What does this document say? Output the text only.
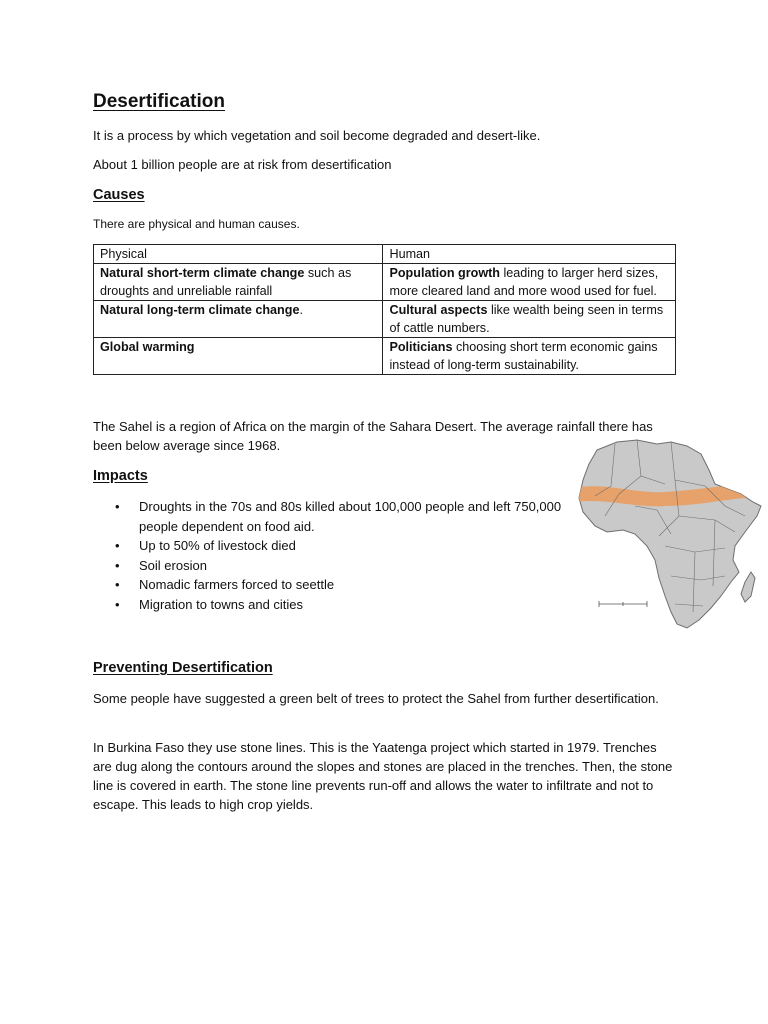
Desertification

It is a process by which vegetation and soil become degraded and desert-like.

About 1 billion people are at risk from desertification

Causes

There are physical and human causes.

Physical	Human
Natural short-term climate change such as droughts and unreliable rainfall	Population growth leading to larger herd sizes, more cleared land and more wood used for fuel.
Natural long-term climate change.	Cultural aspects like wealth being seen in terms of cattle numbers.
Global warming	Politicians choosing short term economic gains instead of long-term sustainability.

The Sahel is a region of Africa on the margin of the Sahara Desert. The average rainfall there has been below average since 1968.

Impacts
• Droughts in the 70s and 80s killed about 100,000 people and left 750,000 people dependent on food aid.
• Up to 50% of livestock died
• Soil erosion
• Nomadic farmers forced to seettle
• Migration to towns and cities
Preventing Desertification

Some people have suggested a green belt of trees to protect the Sahel from further desertification.

In Burkina Faso they use stone lines. This is the Yaatenga project which started in 1979. Trenches are dug along the contours around the slopes and stones are placed in the trenches. Then, the stone line is covered in earth. The stone line prevents run-off and allows the water to infiltrate and not to escape. This leads to high crop yields.
